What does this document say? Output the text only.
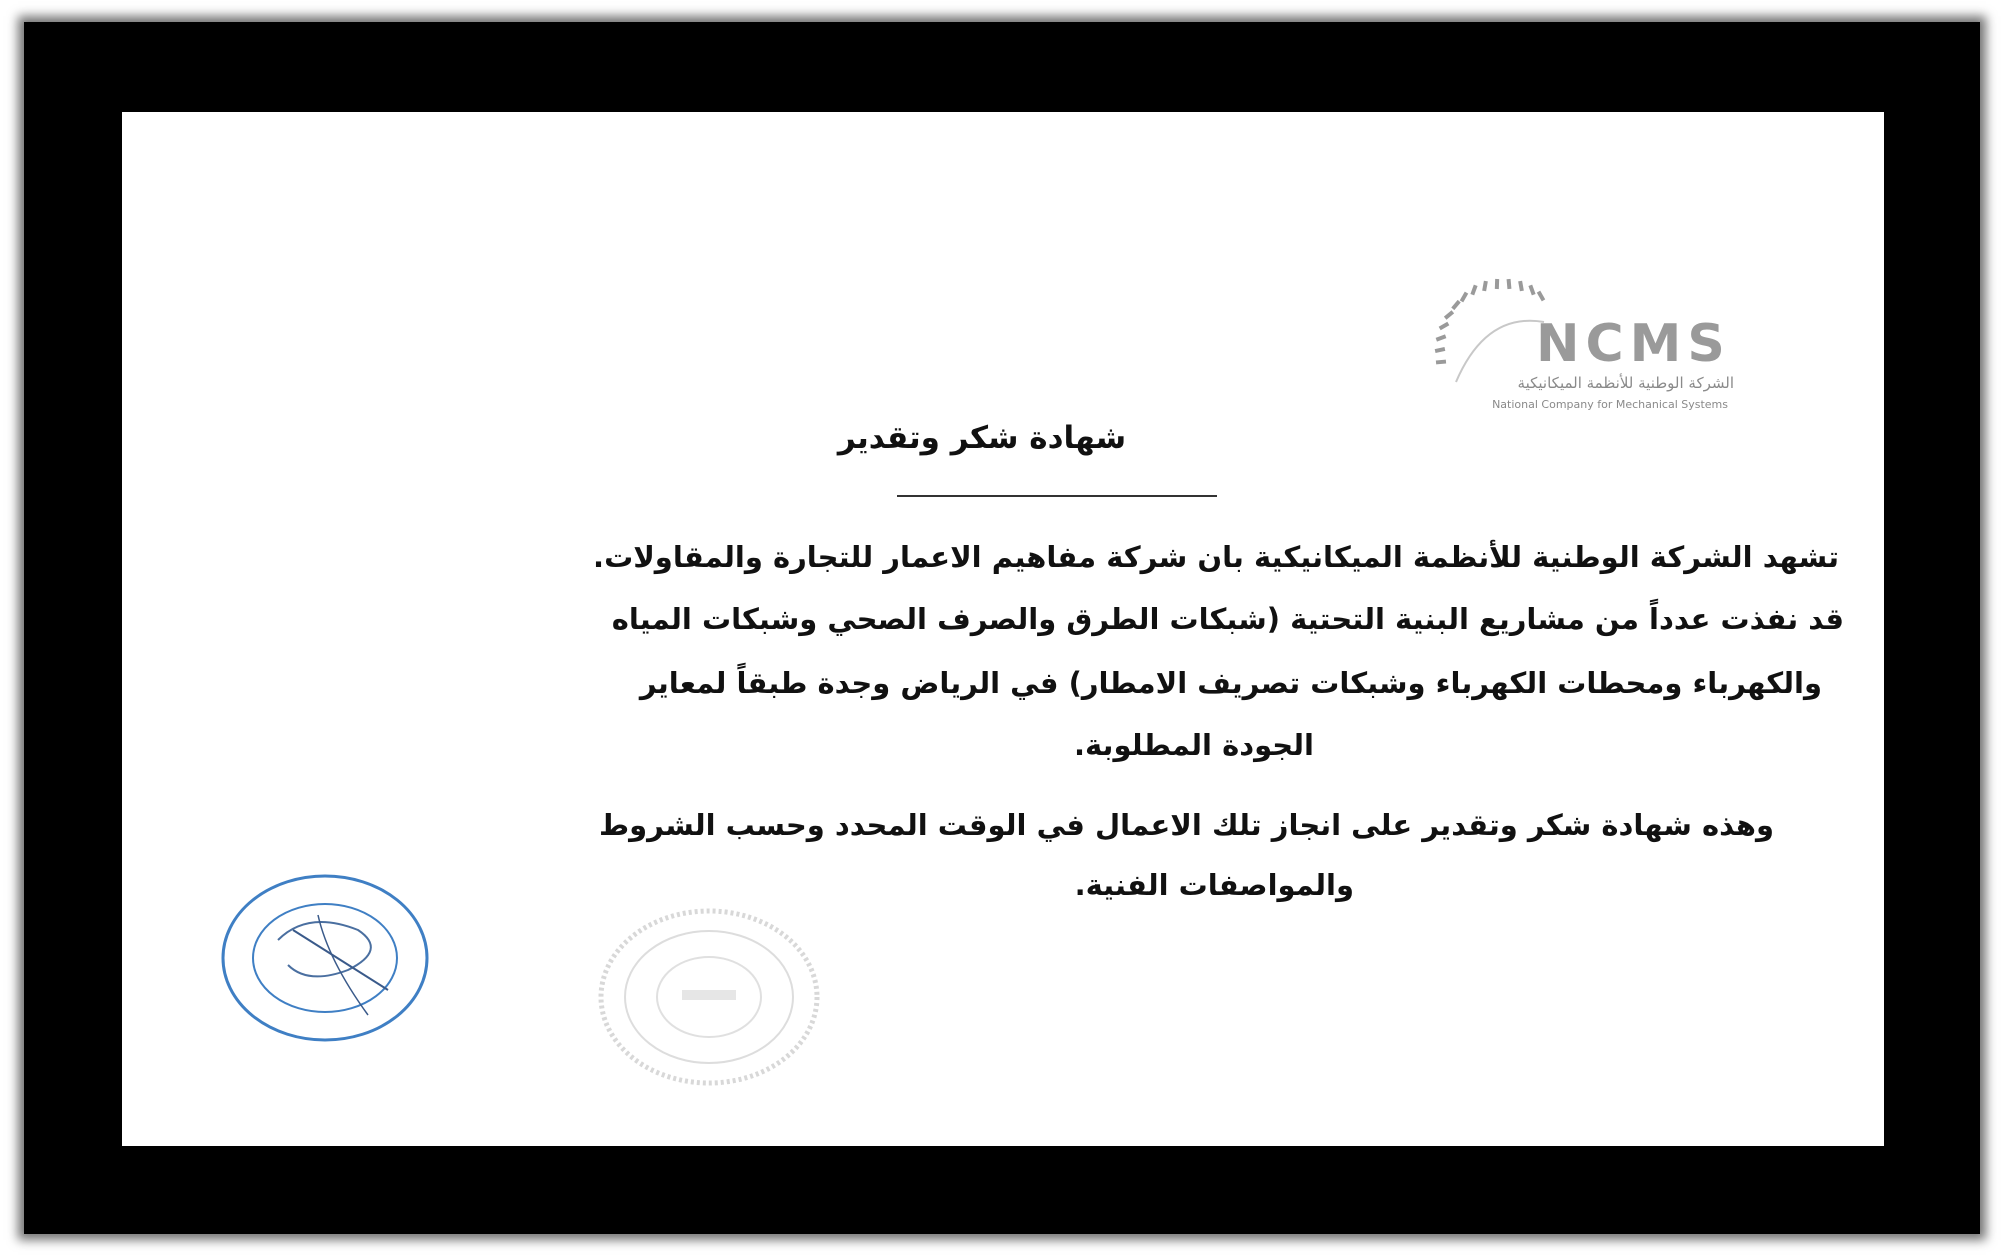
NCMS
الشركة الوطنية للأنظمة الميكانيكية
National Company for Mechanical Systems
شهادة شكر وتقدير
تشهد الشركة الوطنية للأنظمة الميكانيكية بان شركة مفاهيم الاعمار للتجارة والمقاولات.
قد نفذت عدداً من مشاريع البنية التحتية (شبكات الطرق والصرف الصحي وشبكات المياه
والكهرباء ومحطات الكهرباء وشبكات تصريف الامطار) في الرياض وجدة طبقاً لمعاير
الجودة المطلوبة.
وهذه شهادة شكر وتقدير على انجاز تلك الاعمال في الوقت المحدد وحسب الشروط
والمواصفات الفنية.
